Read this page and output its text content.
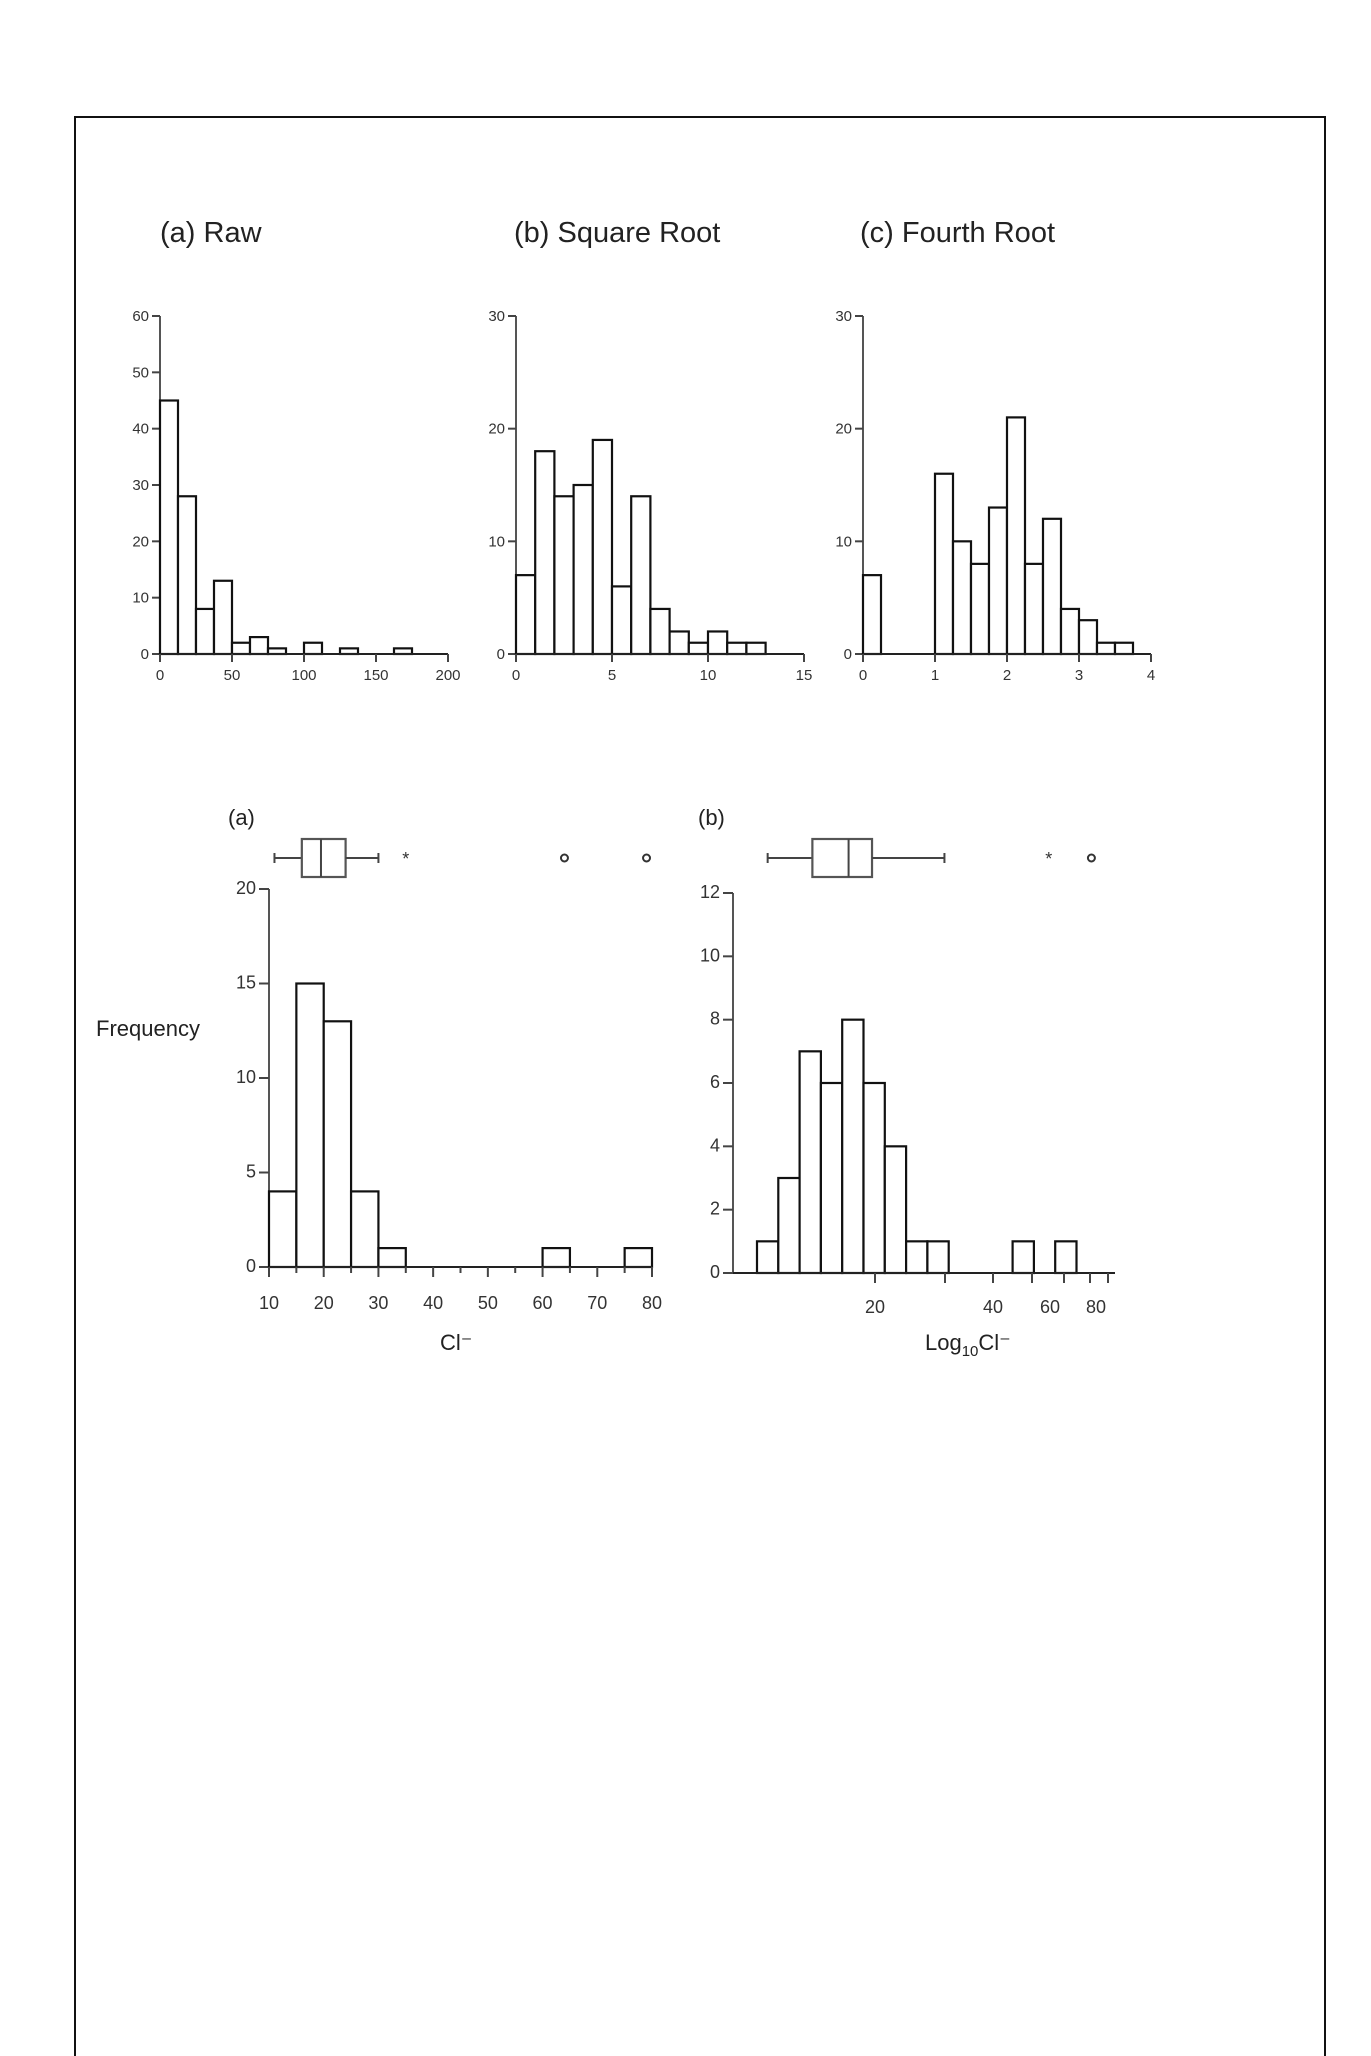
(a) Raw	(b) Square Root	(c) Fourth Root
(a)	(b)
Frequency
Cl⁻	Log$_{10}$Cl⁻
0
10
20
30
40
50
60
0	50	100	150	200
0
10
20
30
0	5	10	15
0
10
20
30
0	1	2	3	4
0
5
10
15
20
10 20 30 40 50 60 70 80
*
0
2
4
6
8
10
12
20	40 60 80
*
